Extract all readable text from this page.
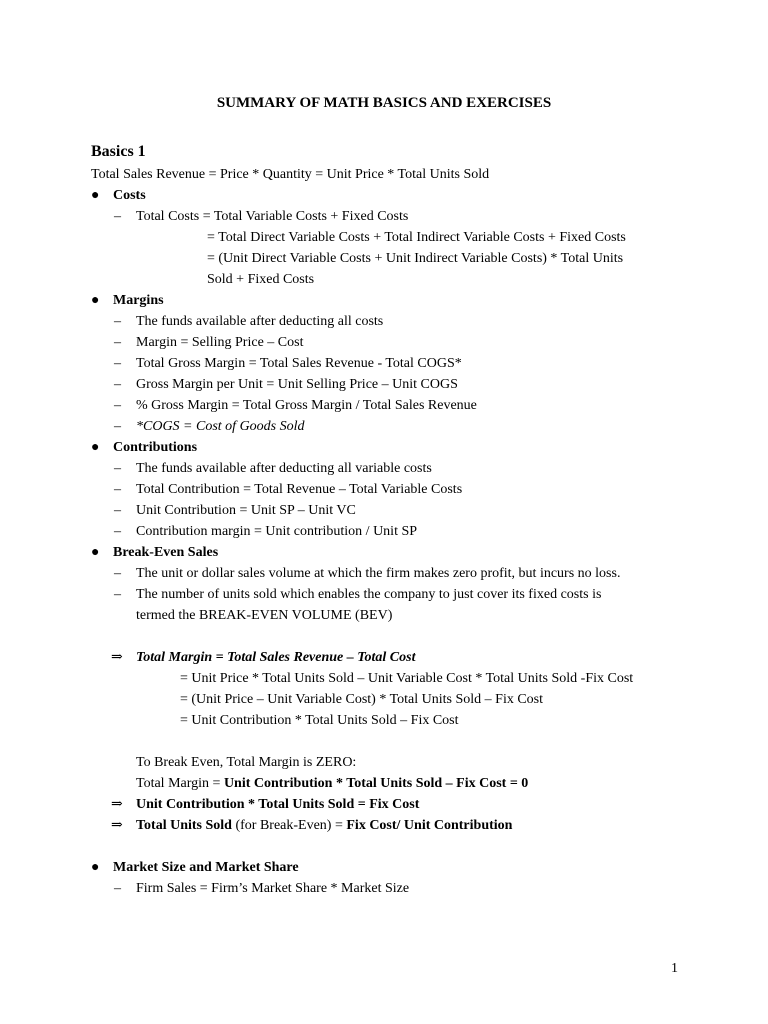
SUMMARY OF MATH BASICS AND EXERCISES

Basics 1

Total Sales Revenue = Price * Quantity = Unit Price * Total Units Sold

● Costs

– Total Costs = Total Variable Costs + Fixed Costs

= Total Direct Variable Costs + Total Indirect Variable Costs + Fixed Costs

= (Unit Direct Variable Costs + Unit Indirect Variable Costs) * Total Units

Sold + Fixed Costs

● Margins

– The funds available after deducting all costs

– Margin = Selling Price – Cost

– Total Gross Margin = Total Sales Revenue - Total COGS*

– Gross Margin per Unit = Unit Selling Price – Unit COGS

– % Gross Margin = Total Gross Margin / Total Sales Revenue

– *COGS = Cost of Goods Sold

● Contributions

– The funds available after deducting all variable costs

– Total Contribution = Total Revenue – Total Variable Costs

– Unit Contribution = Unit SP – Unit VC

– Contribution margin = Unit contribution / Unit SP

● Break-Even Sales

– The unit or dollar sales volume at which the firm makes zero profit, but incurs no loss.

– The number of units sold which enables the company to just cover its fixed costs is

termed the BREAK-EVEN VOLUME (BEV)

⇒ Total Margin = Total Sales Revenue – Total Cost

= Unit Price * Total Units Sold – Unit Variable Cost * Total Units Sold -Fix Cost

= (Unit Price – Unit Variable Cost) * Total Units Sold – Fix Cost

= Unit Contribution * Total Units Sold – Fix Cost

To Break Even, Total Margin is ZERO:

Total Margin = Unit Contribution * Total Units Sold – Fix Cost = 0

⇒ Unit Contribution * Total Units Sold = Fix Cost

⇒ Total Units Sold (for Break-Even) = Fix Cost/ Unit Contribution

● Market Size and Market Share

– Firm Sales = Firm’s Market Share * Market Size

1
